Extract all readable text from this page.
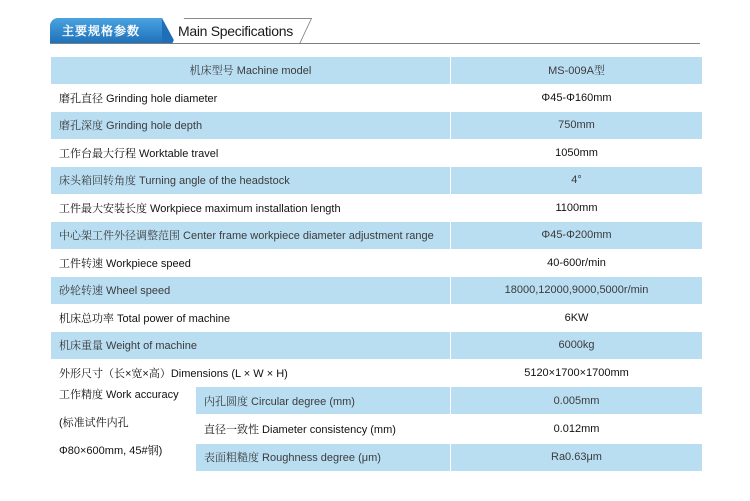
主要规格参数	Main Specifications
机床型号 Machine model		MS-009A型
磨孔直径 Grinding hole diameter		Φ45-Φ160mm
磨孔深度 Grinding hole depth		750mm
工作台最大行程 Worktable travel		1050mm
床头箱回转角度 Turning angle of the headstock		4°
工件最大安装长度 Workpiece maximum installation length		1100mm
中心架工件外径调整范围 Center frame workpiece diameter adjustment range		Φ45-Φ200mm
工件转速 Workpiece speed		40-600r/min
砂轮转速 Wheel speed		18000,12000,9000,5000r/min
机床总功率 Total power of machine		6KW
机床重量 Weight of machine		6000kg
外形尺寸（长×宽×高）Dimensions (L × W × H)		5120×1700×1700mm

工作精度 Work accuracy
(标准试件内孔
Φ80×600mm, 45#钢)	内孔圆度 Circular degree (mm)	0.005mm
	直径一致性 Diameter consistency (mm)	0.012mm
	表面粗糙度 Roughness degree (μm)	Ra0.63μm
